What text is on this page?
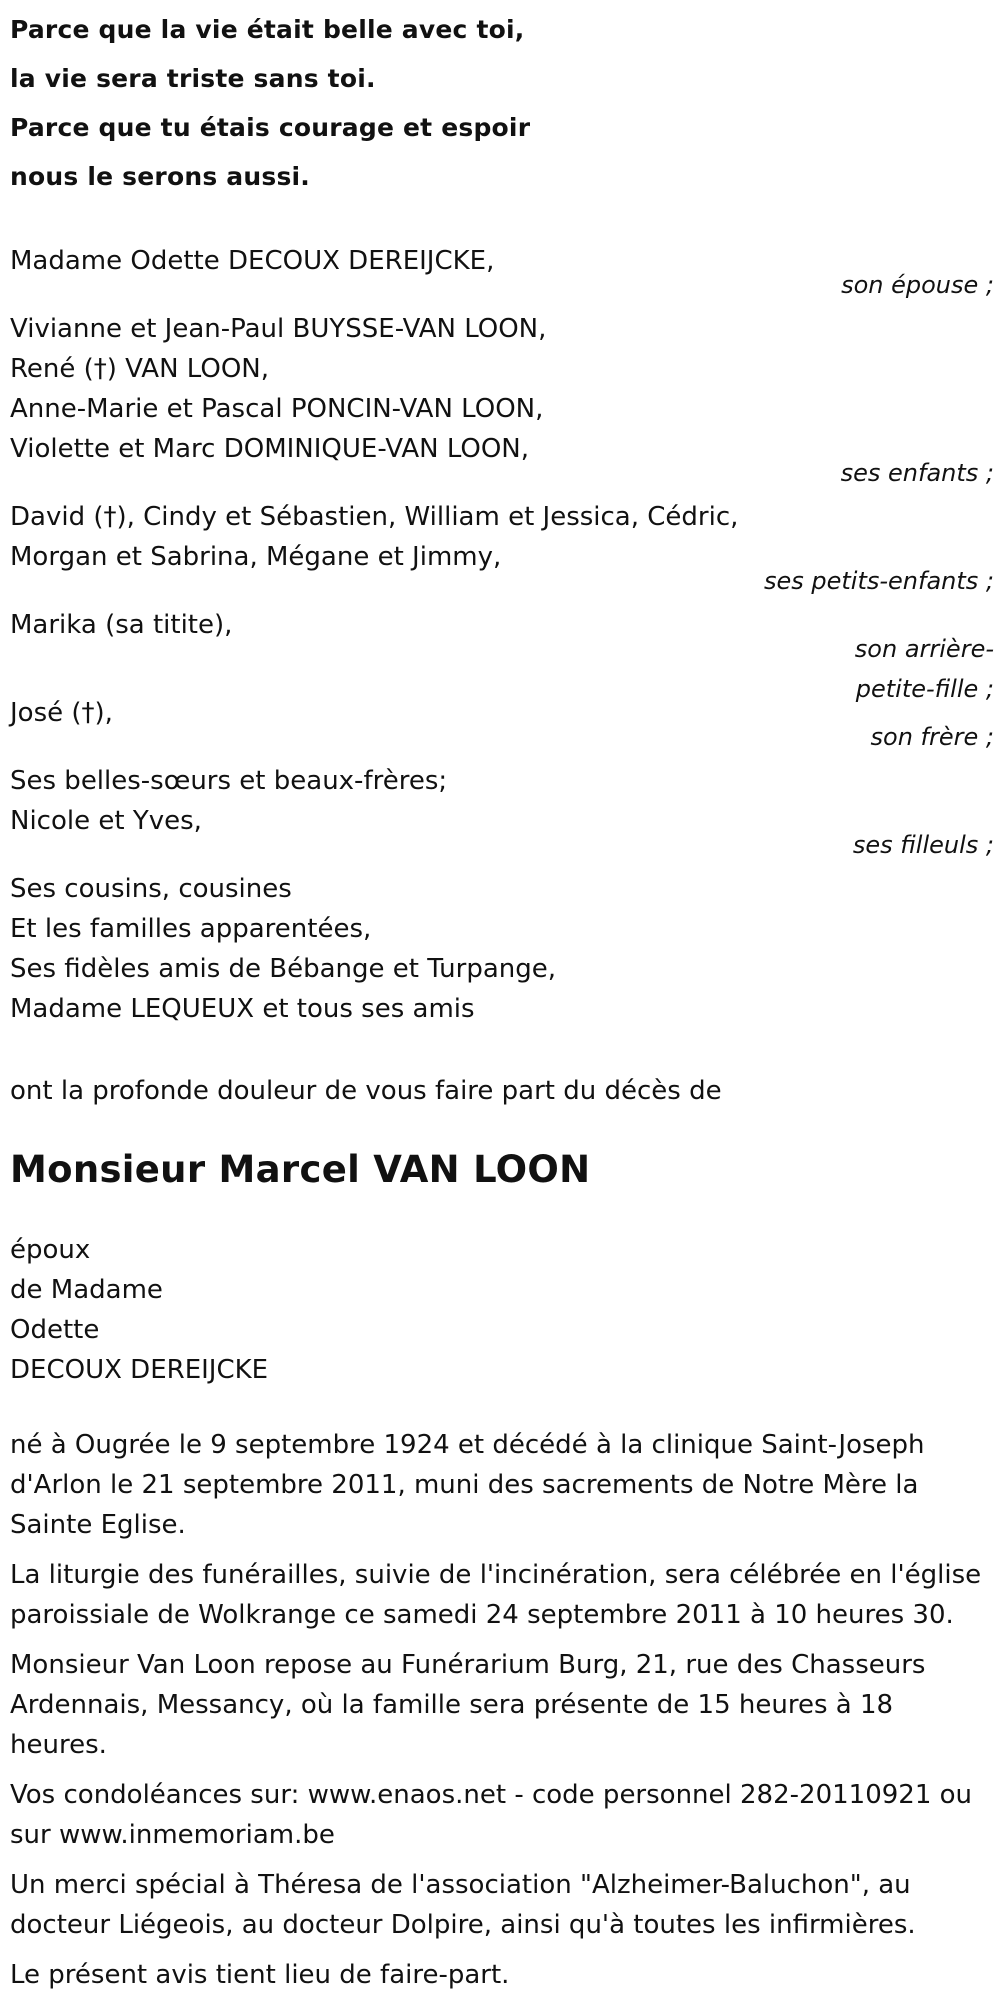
Parce que la vie était belle avec toi,

la vie sera triste sans toi.

Parce que tu étais courage et espoir

nous le serons aussi.

Madame Odette DECOUX DEREIJCKE,
son épouse ;
Vivianne et Jean-Paul BUYSSE-VAN LOON,
René (†) VAN LOON,
Anne-Marie et Pascal PONCIN-VAN LOON,
Violette et Marc DOMINIQUE-VAN LOON,
ses enfants ;
David (†), Cindy et Sébastien, William et Jessica, Cédric,
Morgan et Sabrina, Mégane et Jimmy,
ses petits-enfants ;
Marika (sa titite),
son arrière-
petite-fille ;
José (†),
son frère ;
Ses belles-sœurs et beaux-frères;
Nicole et Yves,
ses filleuls ;
Ses cousins, cousines
Et les familles apparentées,
Ses fidèles amis de Bébange et Turpange,
Madame LEQUEUX et tous ses amis
ont la profonde douleur de vous faire part du décès de
Monsieur Marcel VAN LOON
époux
de Madame
Odette
DECOUX DEREIJCKE

né à Ougrée le 9 septembre 1924 et décédé à la clinique Saint-Joseph d'Arlon le 21 septembre 2011, muni des sacrements de Notre Mère la Sainte Eglise.

La liturgie des funérailles, suivie de l'incinération, sera célébrée en l'église paroissiale de Wolkrange ce samedi 24 septembre 2011 à 10 heures 30.

Monsieur Van Loon repose au Funérarium Burg, 21, rue des Chasseurs Ardennais, Messancy, où la famille sera présente de 15 heures à 18 heures.

Vos condoléances sur: www.enaos.net - code personnel 282-20110921 ou sur www.inmemoriam.be

Un merci spécial à Théresa de l'association "Alzheimer-Baluchon", au docteur Liégeois, au docteur Dolpire, ainsi qu'à toutes les infirmières.

Le présent avis tient lieu de faire-part.
